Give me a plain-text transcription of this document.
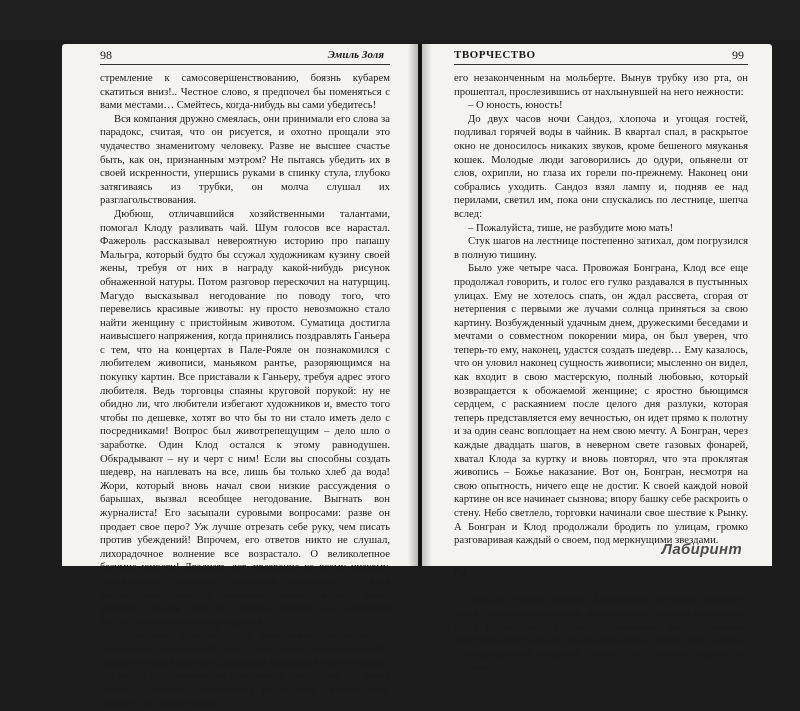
98	Эмиль Золя

стремление к самосовершенствованию, боязнь кубарем скатиться вниз!.. Честное слово, я предпочел бы поменяться с вами местами… Смейтесь, когда-нибудь вы сами убедитесь!

Вся компания дружно смеялась, они принимали его слова за парадокс, считая, что он рисуется, и охотно прощали это чудачество знаменитому человеку. Разве не высшее счастье быть, как он, признанным мэтром? Не пытаясь убедить их в своей искренности, упершись руками в спинку стула, глубоко затягиваясь из трубки, он молча слушал их разглагольствования.

Дюбюш, отличавшийся хозяйственными талантами, помогал Клоду разливать чай. Шум голосов все нарастал. Фажероль рассказывал невероятную историю про папашу Мальгра, который будто бы ссужал художникам кузину своей жены, требуя от них в награду какой-нибудь рисунок обнаженной натуры. Потом разговор перескочил на натурщиц. Магудо высказывал негодование по поводу того, что перевелись красивые животы: ну просто невозможно стало найти женщину с пристойным животом. Суматица достигла наивысшего напряжения, когда принялись поздравлять Ганьера с тем, что на концертах в Пале-Рояле он познакомился с любителем живописи, маньяком рантье, разоряющимся на покупку картин. Все приставали к Ганьеру, требуя адрес этого любителя. Ведь торговцы спаяны круговой порукой: ну не обидно ли, что любители избегают художников и, вместо того чтобы по дешевке, хотят во что бы то ни стало иметь дело с посредниками! Вопрос был животрепещущим – дело шло о заработке. Один Клод остался к этому равнодушен. Обкрадывают – ну и черт с ним! Если вы способны создать шедевр, на наплевать на все, лишь бы только хлеб да вода! Жори, который вновь начал свои низкие рассуждения о барышах, вызвал всеобщее негодование. Выгнать вон журналиста! Его засыпали суровыми вопросами: разве он продает свое перо? Уж лучше отрезать себе руку, чем писать против убеждений! Впрочем, его ответов никто не слушал, лихорадочное волнение все возрастало. О великолепное безумие юности! Двадцать лет, презрение ко всему низкому, одержимость страстью творчества, очищение от всех человеческих слабостей – пылание солнечного восхода. Какое упоение! Отдать себя без остатка, сгореть на пылающем костре, вновь и вновь возрождаться!

У Бонграна, который сидел неподвижно, наблюдая это проявление безграничной веры, радостный порыв молодости, которая готова к приступу, вырвался невольный жест отчаяния. Он забыл о созданных им полотнах и свою славу, он думал теперь о полотне, затянувших родах того произведения, которого он тщетно ждало

ТВОРЧЕСТВО	99

его незаконченным на мольберте. Вынув трубку изо рта, он прошептал, прослезившись от нахлынувшей на него нежности:

– О юность, юность!

До двух часов ночи Сандоз, хлопоча и угощая гостей, подливал горячей воды в чайник. В квартал спал, в раскрытое окно не доносилось никаких звуков, кроме бешеного мяуканья кошек. Молодые люди заговорились до одури, опьянели от слов, охрипли, но глаза их горели по-прежнему. Наконец они собрались уходить. Сандоз взял лампу и, подняв ее над перилами, светил им, пока они спускались по лестнице, шепча вслед:

– Пожалуйста, тише, не разбудите мою мать!

Стук шагов на лестнице постепенно затихал, дом погрузился в полную тишину.

Было уже четыре часа. Провожая Бонграна, Клод все еще продолжал говорить, и голос его гулко раздавался в пустынных улицах. Ему не хотелось спать, он ждал рассвета, сгорая от нетерпения с первыми же лучами солнца приняться за свою картину. Возбужденный удачным днем, дружескими беседами и мечтами о совместном покорении мира, он был уверен, что теперь-то ему, наконец, удастся создать шедевр… Ему казалось, что он уловил наконец сущность живописи; мысленно он видел, как входит в свою мастерскую, полный любовью, который возвращается к обожаемой женщине; с яростно бьющимся сердцем, с раскаянием после целого дня разлуки, которая теперь представляется ему вечностью, он идет прямо к полотну и за один сеанс воплощает на нем свою мечту. А Бонгран, через каждые двадцать шагов, в неверном свете газовых фонарей, хватал Клода за куртку и вновь повторял, что эта проклятая живопись – Божье наказание. Вот он, Бонгран, несмотря на свою опытность, ничего еще не достиг. К своей каждой новой картине он все начинает сызнова; впору башку себе раскроить о стену. Небо светлело, торговки начинали свое шествие к Рынку. А Бонгран и Клод продолжали бродить по улицам, громко разговаривая каждый о своем, под меркнущими звездами.

IV

Прошло полтора месяца. Заливаемый потоками утреннего света, проникавшего сквозь застекленные пролеты мастерской, Клод писал свою картину. Длительные дожди омрачали середину августа, и как только показалось солнце, Клод работал с возвращенной энергией. Однако его большая картина не продвигалась

Лабиринт
